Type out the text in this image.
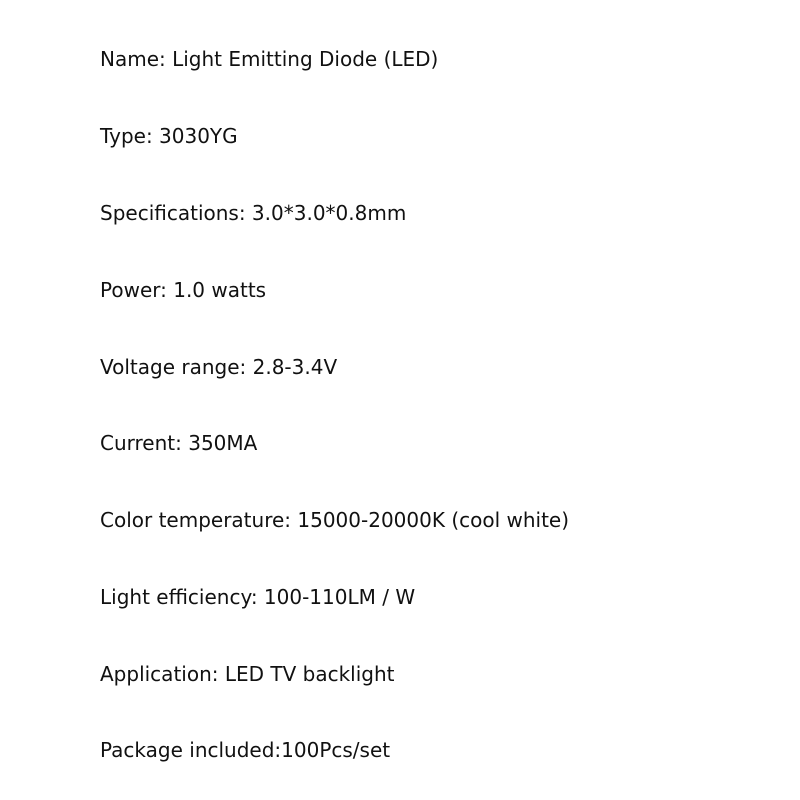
Name: Light Emitting Diode (LED)

Type: 3030YG

Specifications: 3.0*3.0*0.8mm

Power: 1.0 watts

Voltage range: 2.8-3.4V

Current: 350MA

Color temperature: 15000-20000K (cool white)

Light efficiency: 100-110LM / W

Application: LED TV backlight

Package included:100Pcs/set
